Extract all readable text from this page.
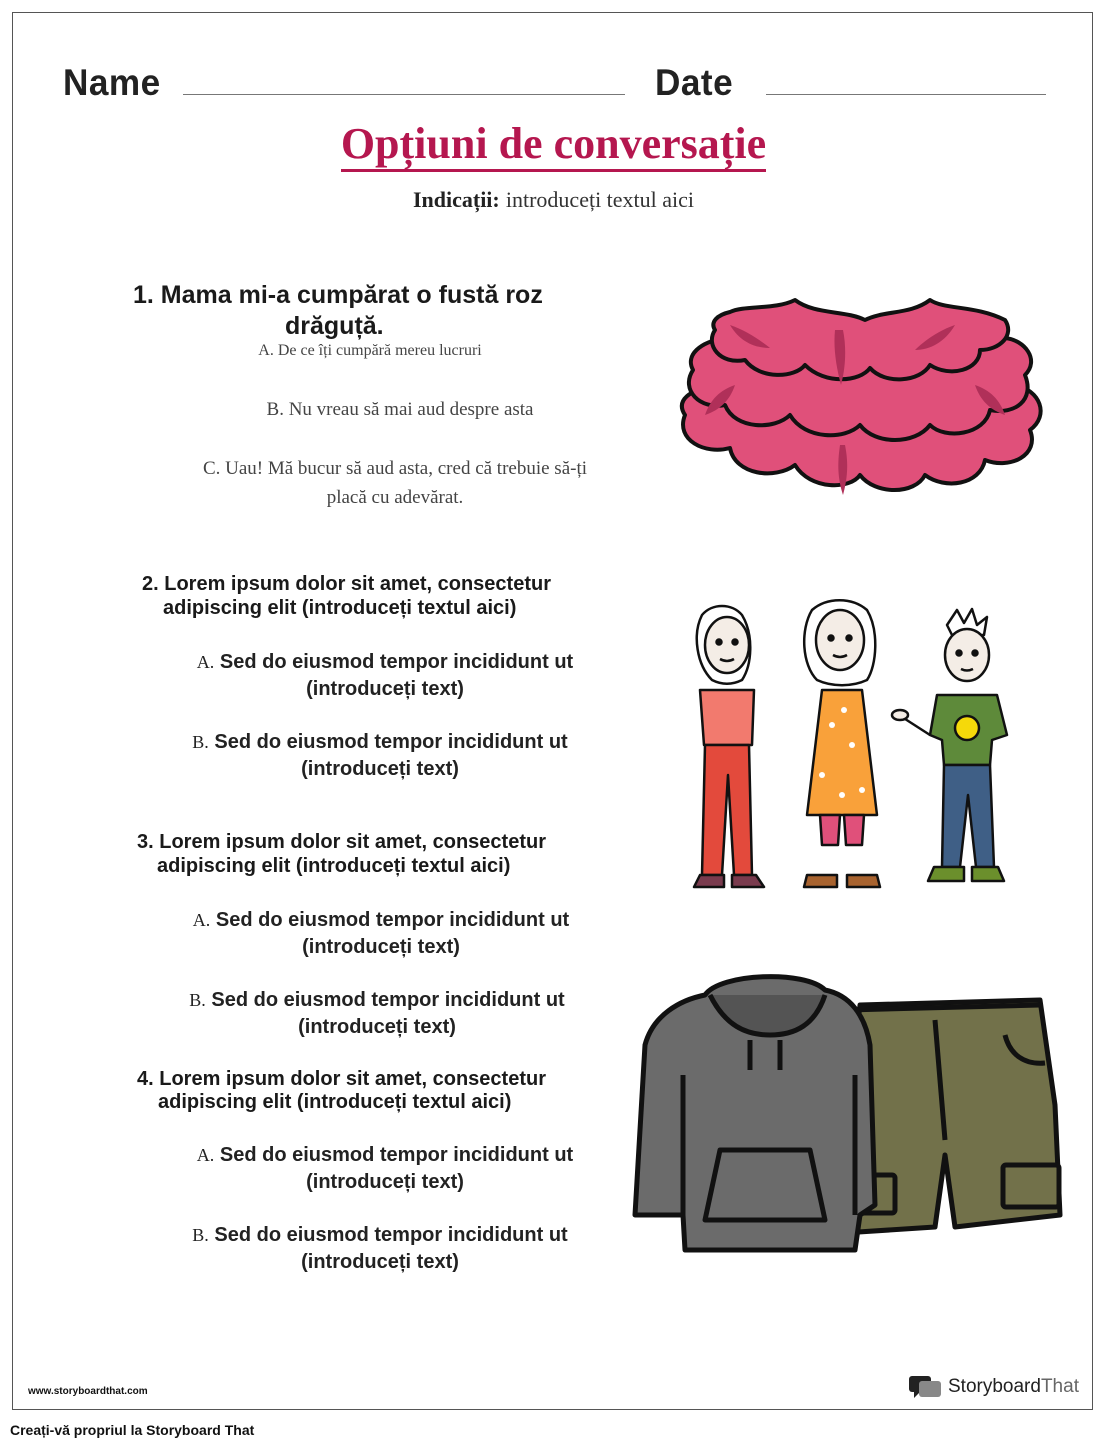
Name	Date
Opțiuni de conversație
Indicații: introduceți textul aici
1. Mama mi-a cumpărat o fustă roz
drăguță.
A. De ce îți cumpără mereu lucruri
B. Nu vreau să mai aud despre asta
C. Uau! Mă bucur să aud asta, cred că trebuie să-ți
placă cu adevărat.
2. Lorem ipsum dolor sit amet, consectetur
adipiscing elit (introduceți textul aici)
A. Sed do eiusmod tempor incididunt ut
(introduceți text)
B. Sed do eiusmod tempor incididunt ut
(introduceți text)
3. Lorem ipsum dolor sit amet, consectetur
adipiscing elit (introduceți textul aici)
A. Sed do eiusmod tempor incididunt ut
(introduceți text)
B. Sed do eiusmod tempor incididunt ut
(introduceți text)
4. Lorem ipsum dolor sit amet, consectetur
adipiscing elit (introduceți textul aici)
A. Sed do eiusmod tempor incididunt ut
(introduceți text)
B. Sed do eiusmod tempor incididunt ut
(introduceți text)
www.storyboardthat.com	StoryboardThat
Creați-vă propriul la Storyboard That
